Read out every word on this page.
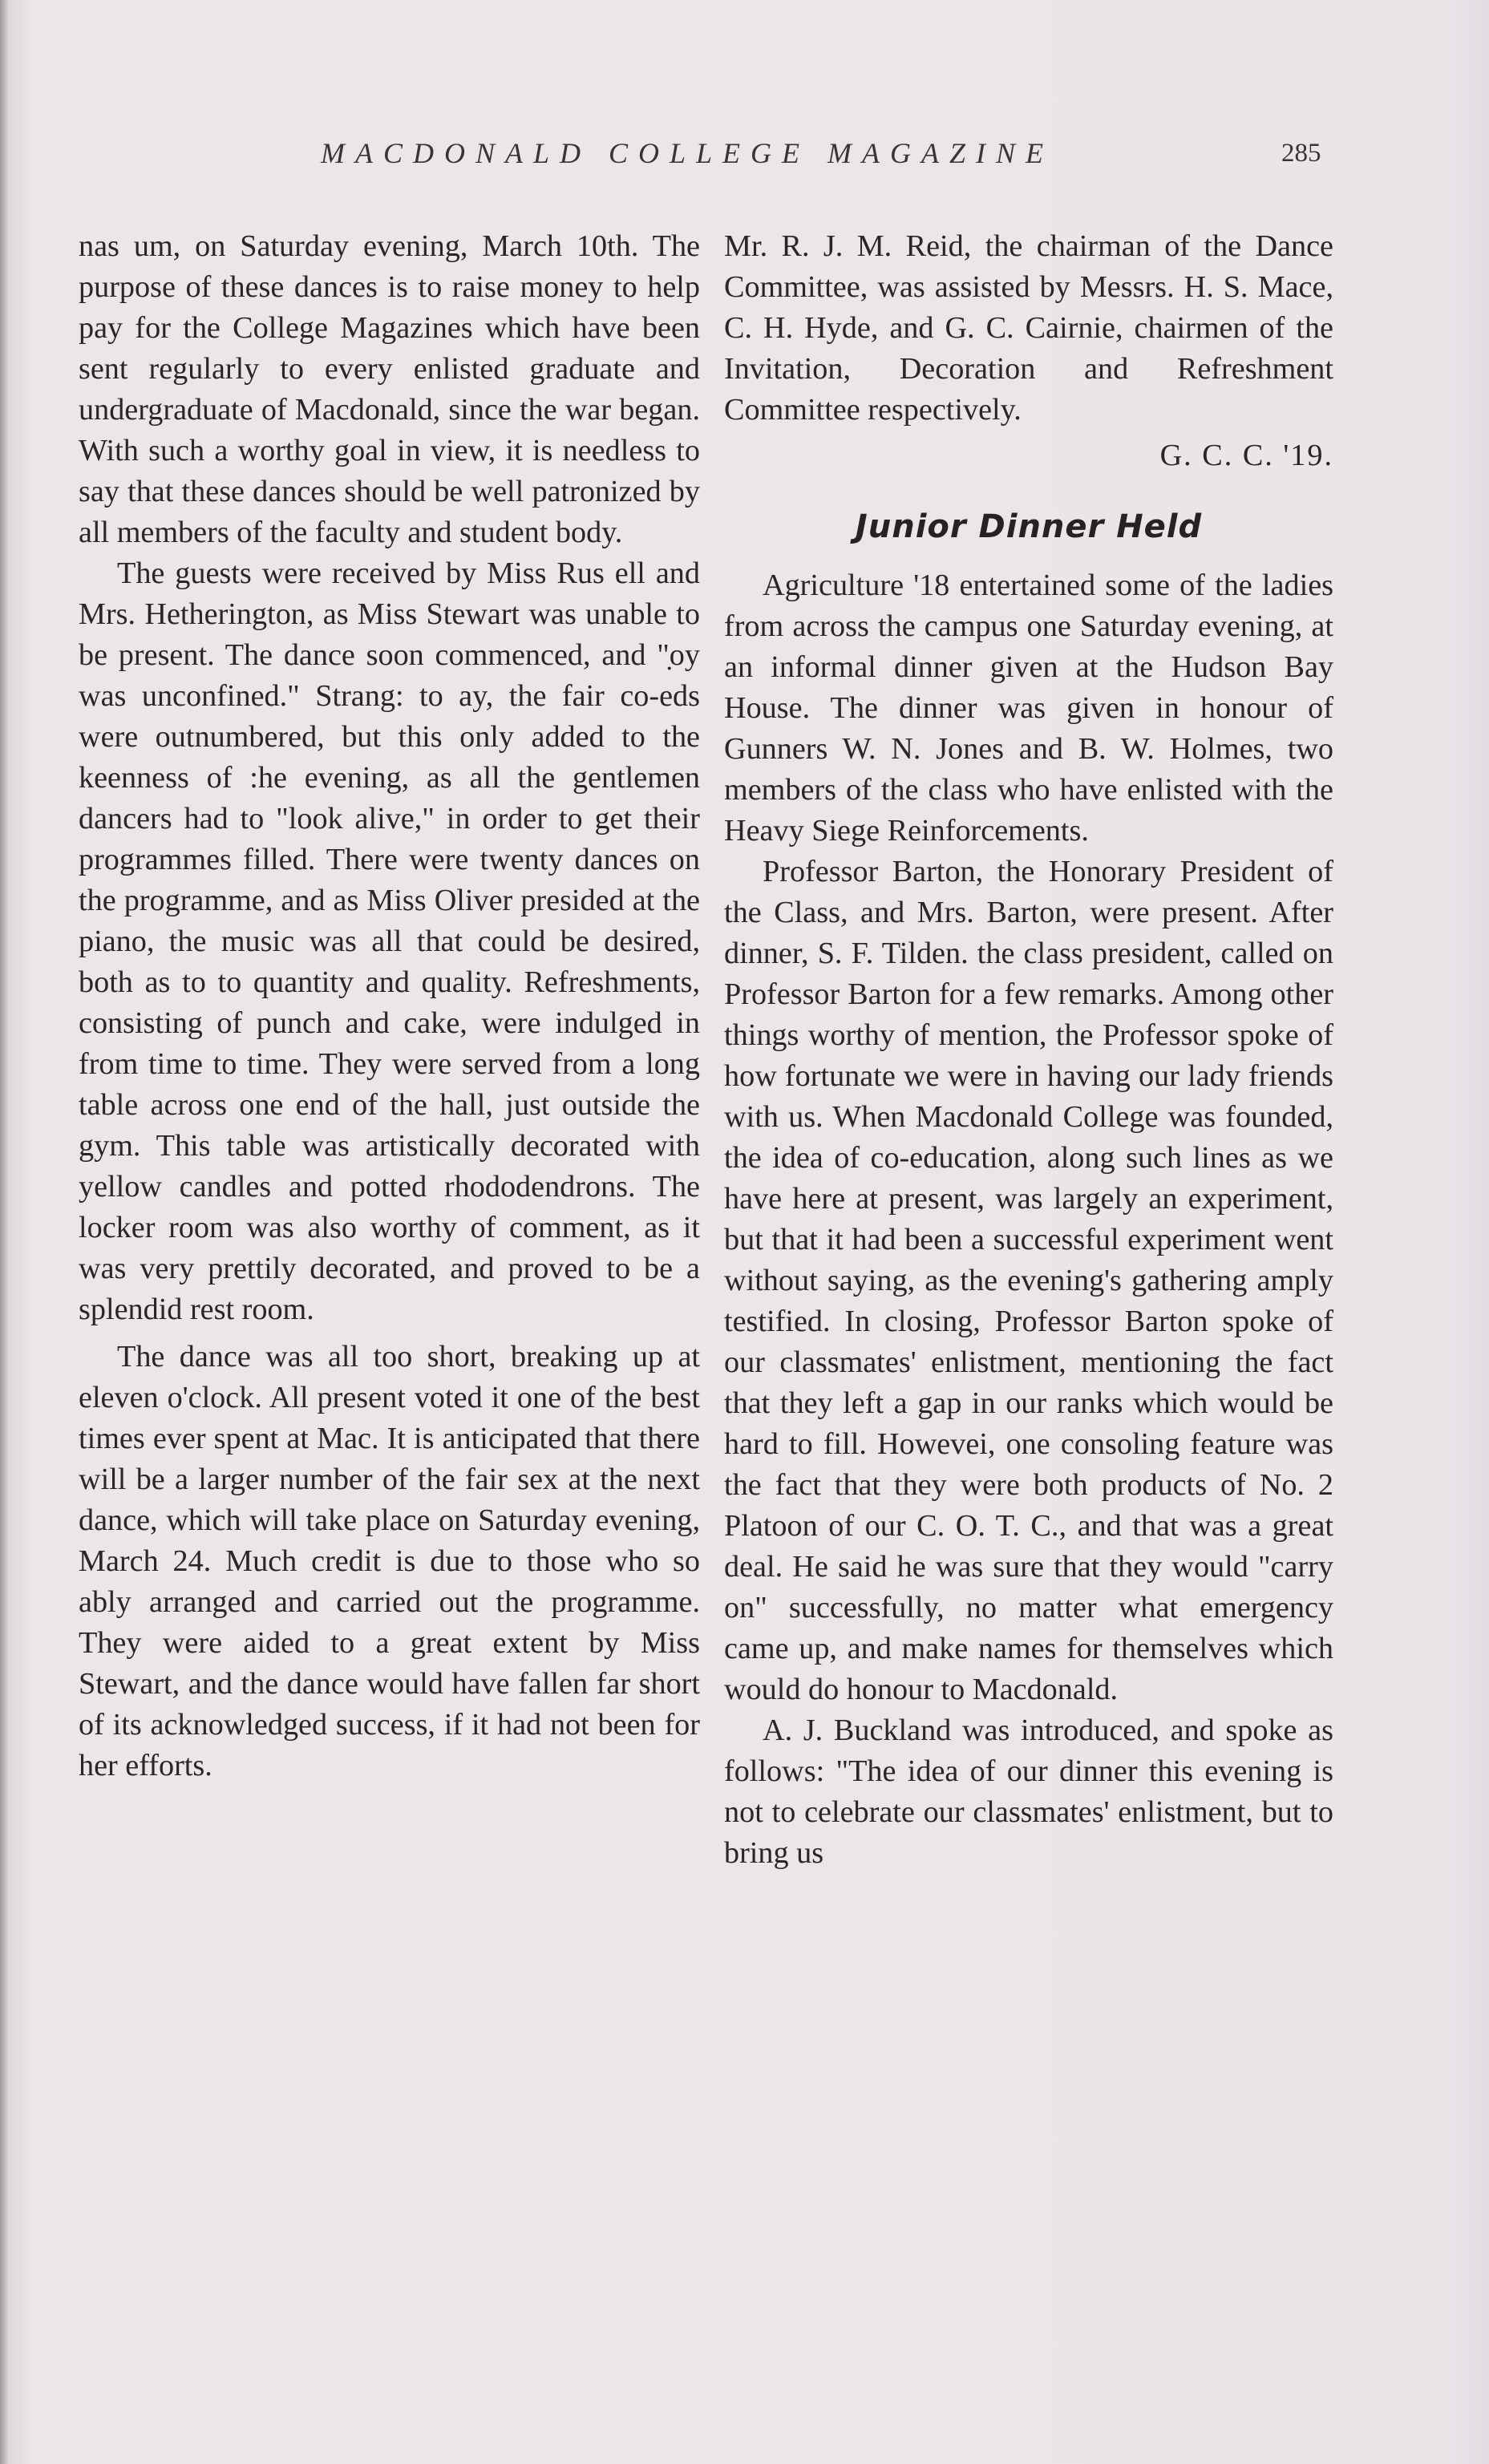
MACDONALD COLLEGE MAGAZINE	285

nas um, on Saturday evening, March 10th. The purpose of these dances is to raise money to help pay for the College Magazines which have been sent regularly to every enlisted graduate and undergraduate of Macdonald, since the war began. With such a worthy goal in view, it is needless to say that these dances should be well patronized by all members of the faculty and student body.

The guests were received by Miss Rus ell and Mrs. Hetherington, as Miss Stewart was unable to be present. The dance soon commenced, and "̣oy was unconfined." Strang: to ay, the fair co-eds were outnumbered, but this only added to the keenness of :he evening, as all the gentlemen dancers had to "look alive," in order to get their programmes filled. There were twenty dances on the programme, and as Miss Oliver presided at the piano, the music was all that could be desired, both as to to quantity and quality. Refreshments, consisting of punch and cake, were indulged in from time to time. They were served from a long table across one end of the hall, just outside the gym. This table was artistically decorated with yellow candles and potted rhododendrons. The locker room was also worthy of comment, as it was very prettily decorated, and proved to be a splendid rest room.

The dance was all too short, breaking up at eleven o'clock. All present voted it one of the best times ever spent at Mac. It is anticipated that there will be a larger number of the fair sex at the next dance, which will take place on Saturday evening, March 24. Much credit is due to those who so ably arranged and carried out the programme. They were aided to a great extent by Miss Stewart, and the dance would have fallen far short of its acknowledged success, if it had not been for her efforts.

Mr. R. J. M. Reid, the chairman of the Dance Committee, was assisted by Messrs. H. S. Mace, C. H. Hyde, and G. C. Cairnie, chairmen of the Invitation, Decoration and Refreshment Committee respectively.

G. C. C. '19.

Junior Dinner Held

Agriculture '18 entertained some of the ladies from across the campus one Saturday evening, at an informal dinner given at the Hudson Bay House. The dinner was given in honour of Gunners W. N. Jones and B. W. Holmes, two members of the class who have enlisted with the Heavy Siege Reinforcements.

Professor Barton, the Honorary President of the Class, and Mrs. Barton, were present. After dinner, S. F. Tilden. the class president, called on Professor Barton for a few remarks. Among other things worthy of mention, the Professor spoke of how fortunate we were in having our lady friends with us. When Macdonald College was founded, the idea of co-education, along such lines as we have here at present, was largely an experiment, but that it had been a successful experiment went without saying, as the evening's gathering amply testified. In closing, Professor Barton spoke of our classmates' enlistment, mentioning the fact that they left a gap in our ranks which would be hard to fill. Howevei, one consoling feature was the fact that they were both products of No. 2 Platoon of our C. O. T. C., and that was a great deal. He said he was sure that they would "carry on" successfully, no matter what emergency came up, and make names for themselves which would do honour to Macdonald.

A. J. Buckland was introduced, and spoke as follows: "The idea of our dinner this evening is not to celebrate our classmates' enlistment, but to bring us
